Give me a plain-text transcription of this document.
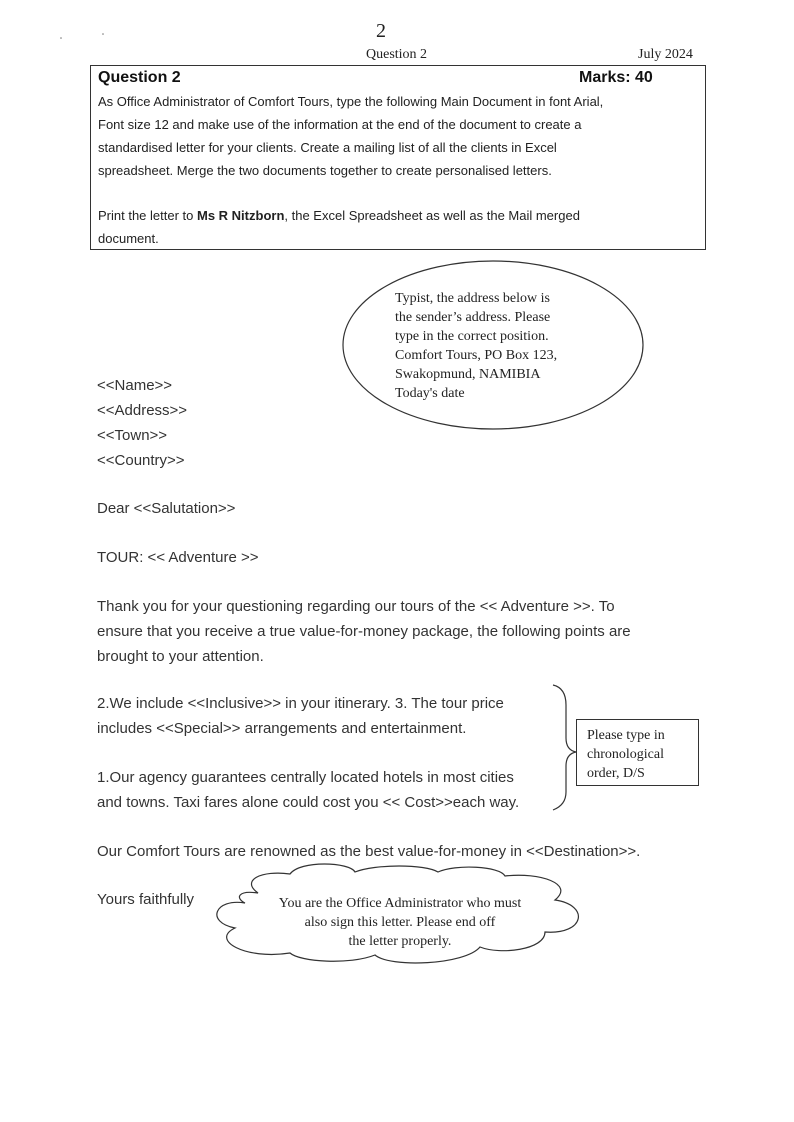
2
Question 2	July 2024
Question 2	Marks: 40
As Office Administrator of Comfort Tours, type the following Main Document in font Arial,
Font size 12 and make use of the information at the end of the document to create a
standardised letter for your clients. Create a mailing list of all the clients in Excel
spreadsheet. Merge the two documents together to create personalised letters.
Print the letter to Ms R Nitzborn, the Excel Spreadsheet as well as the Mail merged
document.
Typist, the address below is
the sender’s address. Please
type in the correct position.
Comfort Tours, PO Box 123,
Swakopmund, NAMIBIA
Today's date
<<Name>>
<<Address>>
<<Town>>
<<Country>>
Dear <<Salutation>>
TOUR: << Adventure >>
Thank you for your questioning regarding our tours of the << Adventure >>. To
ensure that you receive a true value-for-money package, the following points are
brought to your attention.
2.We include <<Inclusive>> in your itinerary. 3. The tour price
includes <<Special>> arrangements and entertainment.
1.Our agency guarantees centrally located hotels in most cities
and towns. Taxi fares alone could cost you << Cost>>each way.
Please type in
chronological
order, D/S
Our Comfort Tours are renowned as the best value-for-money in <<Destination>>.
Yours faithfully	You are the Office Administrator who must
also sign this letter. Please end off
the letter properly.
